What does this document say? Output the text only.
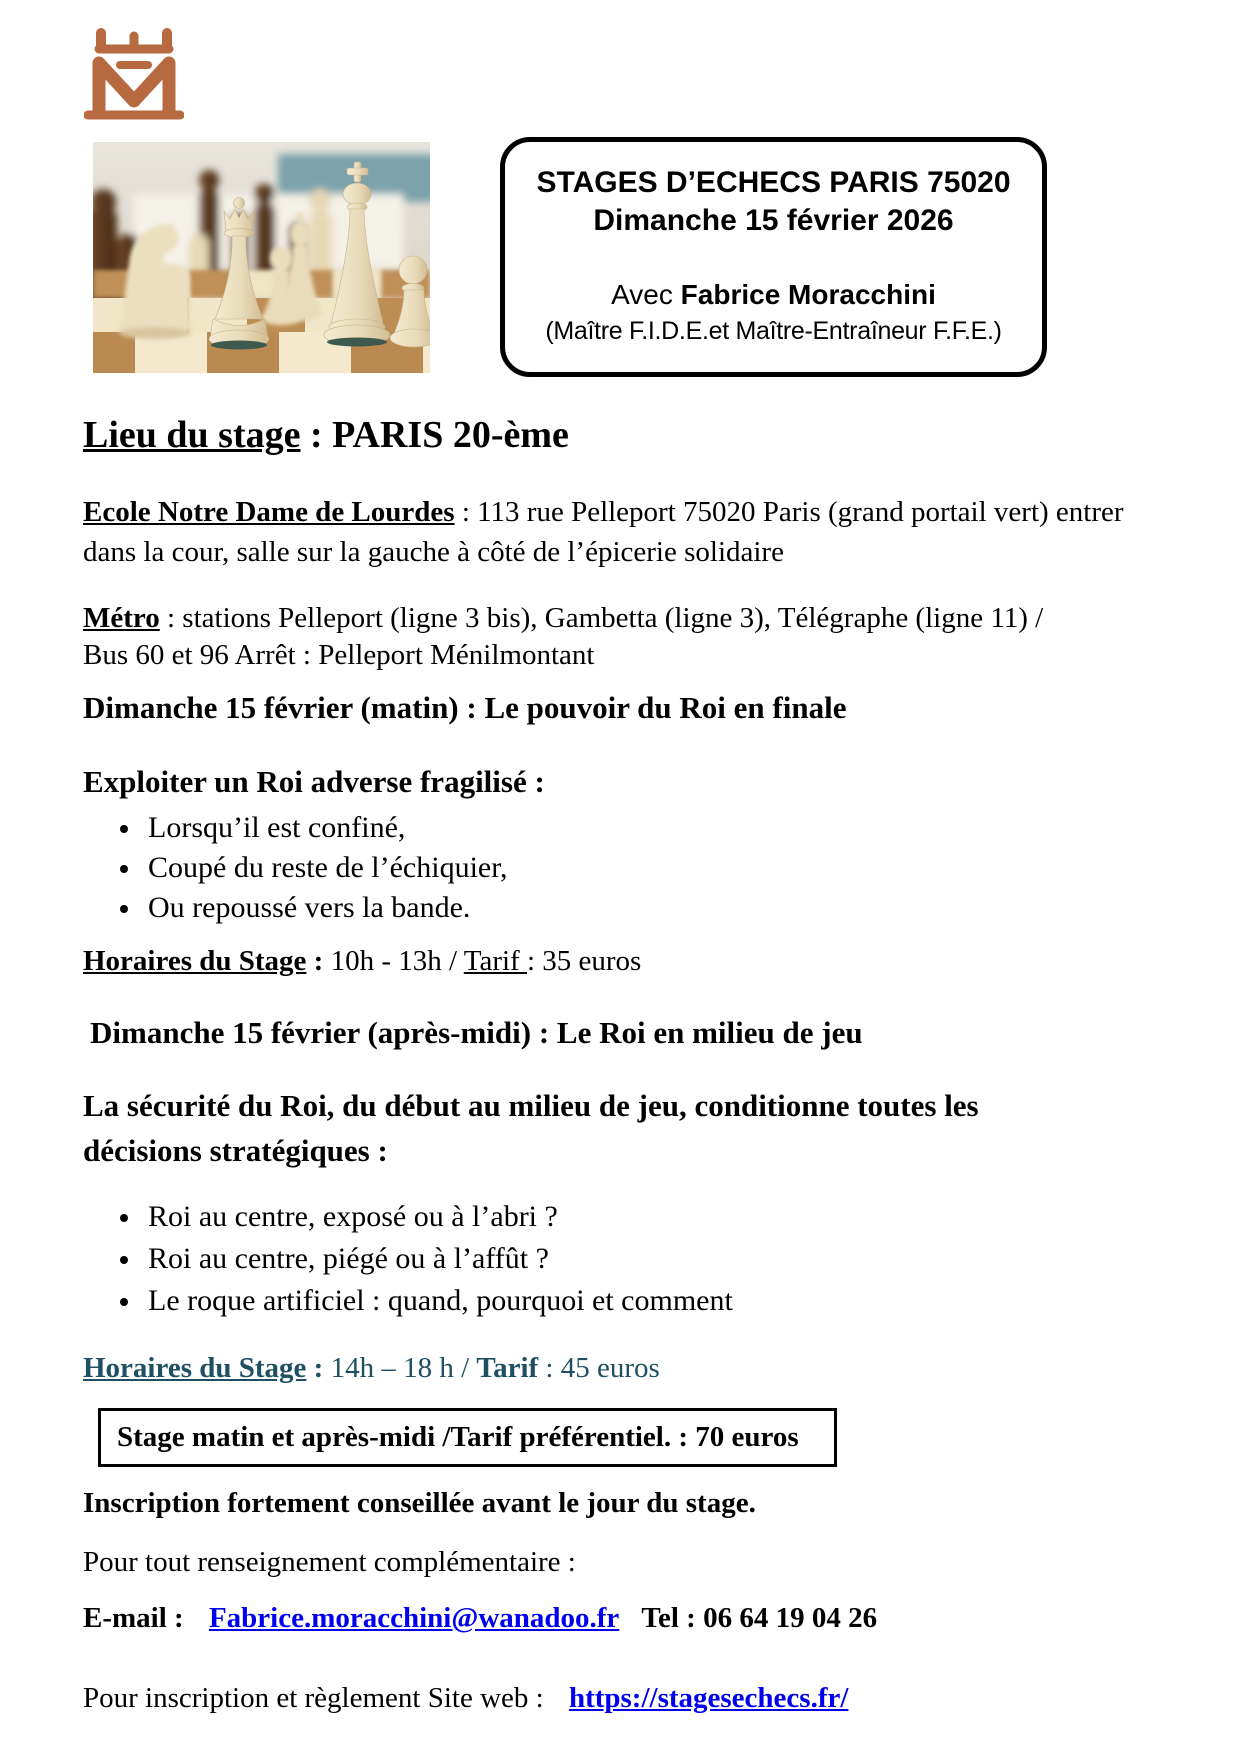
STAGES D’ECHECS PARIS 75020
Dimanche 15 février 2026
Avec Fabrice Moracchini
(Maître F.I.D.E.et Maître-Entraîneur F.F.E.)
Lieu du stage : PARIS 20-ème
Ecole Notre Dame de Lourdes : 113 rue Pelleport 75020 Paris (grand portail vert) entrer dans la cour, salle sur la gauche à côté de l’épicerie solidaire
Métro : stations Pelleport (ligne 3 bis), Gambetta (ligne 3), Télégraphe (ligne 11) /
Bus 60 et 96 Arrêt : Pelleport Ménilmontant
Dimanche 15 février (matin) : Le pouvoir du Roi en finale
Exploiter un Roi adverse fragilisé :
Lorsqu’il est confiné,
Coupé du reste de l’échiquier,
Ou repoussé vers la bande.
Horaires du Stage : 10h - 13h / Tarif : 35 euros
Dimanche 15 février (après-midi) : Le Roi en milieu de jeu
La sécurité du Roi, du début au milieu de jeu, conditionne toutes les décisions stratégiques :
Roi au centre, exposé ou à l’abri ?
Roi au centre, piégé ou à l’affût ?
Le roque artificiel : quand, pourquoi et comment
Horaires du Stage : 14h – 18 h / Tarif : 45 euros
Stage matin et après-midi /Tarif préférentiel. : 70 euros
Inscription fortement conseillée avant le jour du stage.
Pour tout renseignement complémentaire :
E-mail : Fabrice.moracchini@wanadoo.fr Tel : 06 64 19 04 26
Pour inscription et règlement Site web : https://stagesechecs.fr/
